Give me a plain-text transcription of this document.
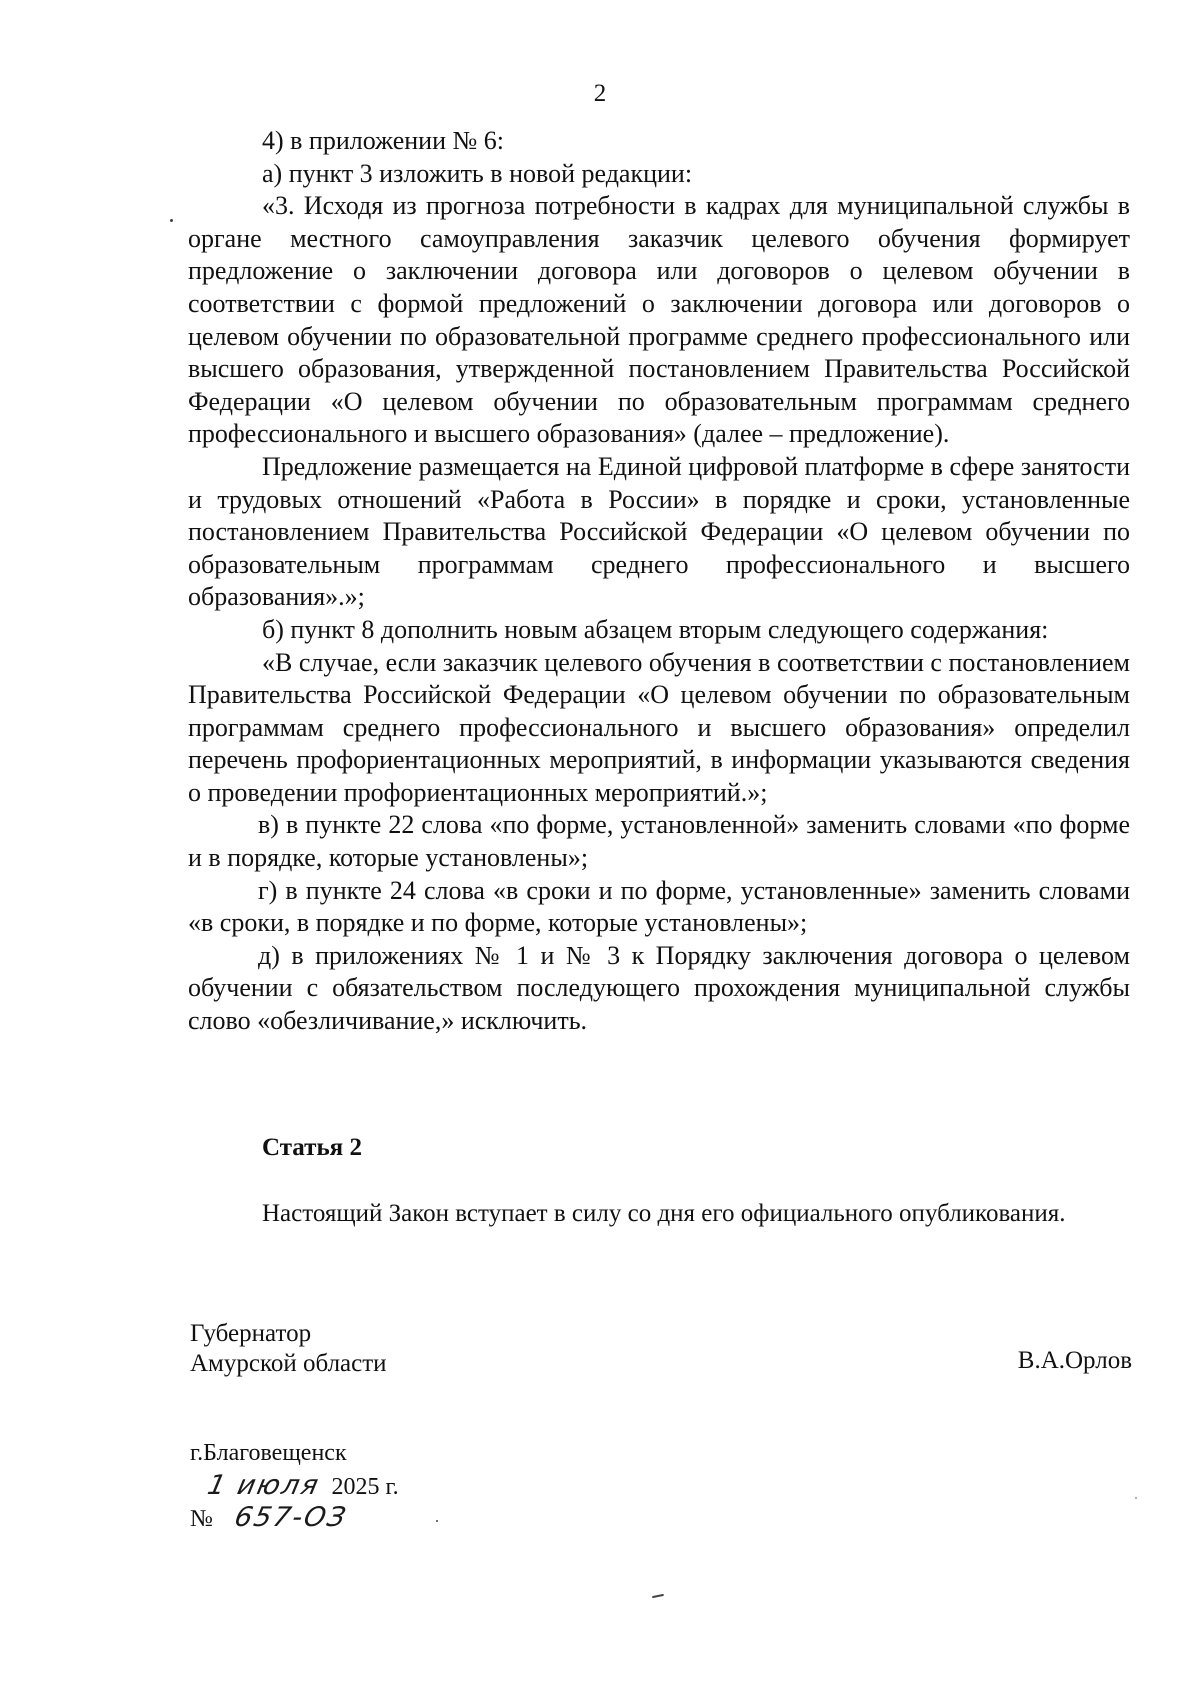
2

4) в приложении № 6:

а) пункт 3 изложить в новой редакции:

«3. Исходя из прогноза потребности в кадрах для муниципальной службы в органе местного самоуправления заказчик целевого обучения формирует предложение о заключении договора или договоров о целевом обучении в соответствии с формой предложений о заключении договора или договоров о целевом обучении по образовательной программе среднего профессионального или высшего образования, утвержденной постановлением Правительства Российской Федерации «О целевом обучении по образовательным программам среднего профессионального и высшего образования» (далее – предложение).

Предложение размещается на Единой цифровой платформе в сфере занятости и трудовых отношений «Работа в России» в порядке и сроки, установленные постановлением Правительства Российской Федерации «О целевом обучении по образовательным программам среднего профессионального и высшего образования».»;

б) пункт 8 дополнить новым абзацем вторым следующего содержания:

«В случае, если заказчик целевого обучения в соответствии с постановлением Правительства Российской Федерации «О целевом обучении по образовательным программам среднего профессионального и высшего образования» определил перечень профориентационных мероприятий, в информации указываются сведения о проведении профориентационных мероприятий.»;

в) в пункте 22 слова «по форме, установленной» заменить словами «по форме и в порядке, которые установлены»;

г) в пункте 24 слова «в сроки и по форме, установленные» заменить словами «в сроки, в порядке и по форме, которые установлены»;

д) в приложениях № 1 и № 3 к Порядку заключения договора о целевом обучении с обязательством последующего прохождения муниципальной службы слово «обезличивание,» исключить.

Статья 2
Настоящий Закон вступает в силу со дня его официального опубликования.
Губернатор
Амурской области	В.А.Орлов
г.Благовещенск
1 июля 2025 г.
№ 657-ОЗ
